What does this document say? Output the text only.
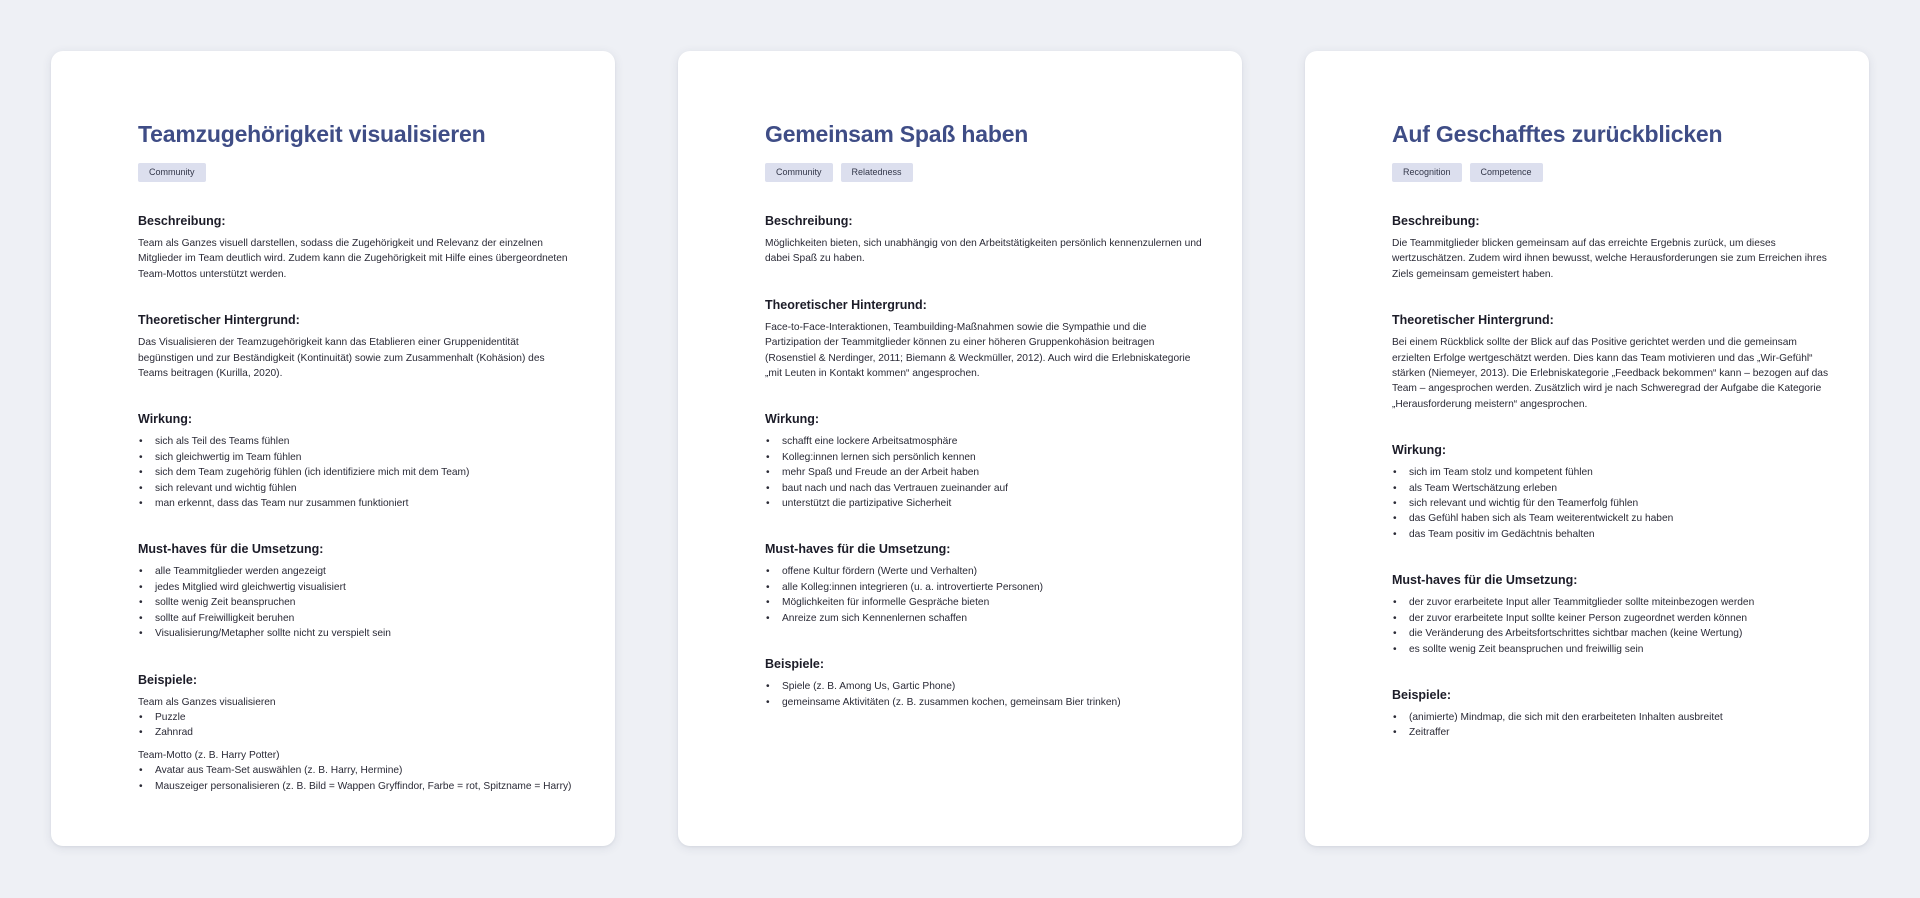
Teamzugehörigkeit visualisieren
Community
Beschreibung:

Team als Ganzes visuell darstellen, sodass die Zugehörigkeit und Relevanz der einzelnen Mitglieder im Team deutlich wird. Zudem kann die Zugehörigkeit mit Hilfe eines übergeordneten Team-Mottos unterstützt werden.

Theoretischer Hintergrund:

Das Visualisieren der Teamzugehörigkeit kann das Etablieren einer Gruppenidentität begünstigen und zur Beständigkeit (Kontinuität) sowie zum Zusammenhalt (Kohäsion) des Teams beitragen (Kurilla, 2020).

Wirkung:
• sich als Teil des Teams fühlen
• sich gleichwertig im Team fühlen
• sich dem Team zugehörig fühlen (ich identifiziere mich mit dem Team)
• sich relevant und wichtig fühlen
• man erkennt, dass das Team nur zusammen funktioniert
Must-haves für die Umsetzung:
• alle Teammitglieder werden angezeigt
• jedes Mitglied wird gleichwertig visualisiert
• sollte wenig Zeit beanspruchen
• sollte auf Freiwilligkeit beruhen
• Visualisierung/Metapher sollte nicht zu verspielt sein
Beispiele:
Team als Ganzes visualisieren
• Puzzle
• Zahnrad
Team-Motto (z. B. Harry Potter)
• Avatar aus Team-Set auswählen (z. B. Harry, Hermine)
• Mauszeiger personalisieren (z. B. Bild = Wappen Gryffindor, Farbe = rot, Spitzname = Harry)
Gemeinsam Spaß haben
Community	Relatedness
Beschreibung:

Möglichkeiten bieten, sich unabhängig von den Arbeitstätigkeiten persönlich kennenzulernen und dabei Spaß zu haben.

Theoretischer Hintergrund:

Face-to-Face-Interaktionen, Teambuilding-Maßnahmen sowie die Sympathie und die Partizipation der Teammitglieder können zu einer höheren Gruppenkohäsion beitragen (Rosenstiel & Nerdinger, 2011; Biemann & Weckmüller, 2012). Auch wird die Erlebniskategorie „mit Leuten in Kontakt kommen“ angesprochen.

Wirkung:
• schafft eine lockere Arbeitsatmosphäre
• Kolleg:innen lernen sich persönlich kennen
• mehr Spaß und Freude an der Arbeit haben
• baut nach und nach das Vertrauen zueinander auf
• unterstützt die partizipative Sicherheit
Must-haves für die Umsetzung:
• offene Kultur fördern (Werte und Verhalten)
• alle Kolleg:innen integrieren (u. a. introvertierte Personen)
• Möglichkeiten für informelle Gespräche bieten
• Anreize zum sich Kennenlernen schaffen
Beispiele:
• Spiele (z. B. Among Us, Gartic Phone)
• gemeinsame Aktivitäten (z. B. zusammen kochen, gemeinsam Bier trinken)
Auf Geschafftes zurückblicken
Recognition	Competence
Beschreibung:

Die Teammitglieder blicken gemeinsam auf das erreichte Ergebnis zurück, um dieses wertzuschätzen. Zudem wird ihnen bewusst, welche Herausforderungen sie zum Erreichen ihres Ziels gemeinsam gemeistert haben.

Theoretischer Hintergrund:

Bei einem Rückblick sollte der Blick auf das Positive gerichtet werden und die gemeinsam erzielten Erfolge wertgeschätzt werden. Dies kann das Team motivieren und das „Wir-Gefühl“ stärken (Niemeyer, 2013). Die Erlebniskategorie „Feedback bekommen“ kann – bezogen auf das Team – angesprochen werden. Zusätzlich wird je nach Schweregrad der Aufgabe die Kategorie „Herausforderung meistern“ angesprochen.

Wirkung:
• sich im Team stolz und kompetent fühlen
• als Team Wertschätzung erleben
• sich relevant und wichtig für den Teamerfolg fühlen
• das Gefühl haben sich als Team weiterentwickelt zu haben
• das Team positiv im Gedächtnis behalten
Must-haves für die Umsetzung:
• der zuvor erarbeitete Input aller Teammitglieder sollte miteinbezogen werden
• der zuvor erarbeitete Input sollte keiner Person zugeordnet werden können
• die Veränderung des Arbeitsfortschrittes sichtbar machen (keine Wertung)
• es sollte wenig Zeit beanspruchen und freiwillig sein
Beispiele:
• (animierte) Mindmap, die sich mit den erarbeiteten Inhalten ausbreitet
• Zeitraffer
